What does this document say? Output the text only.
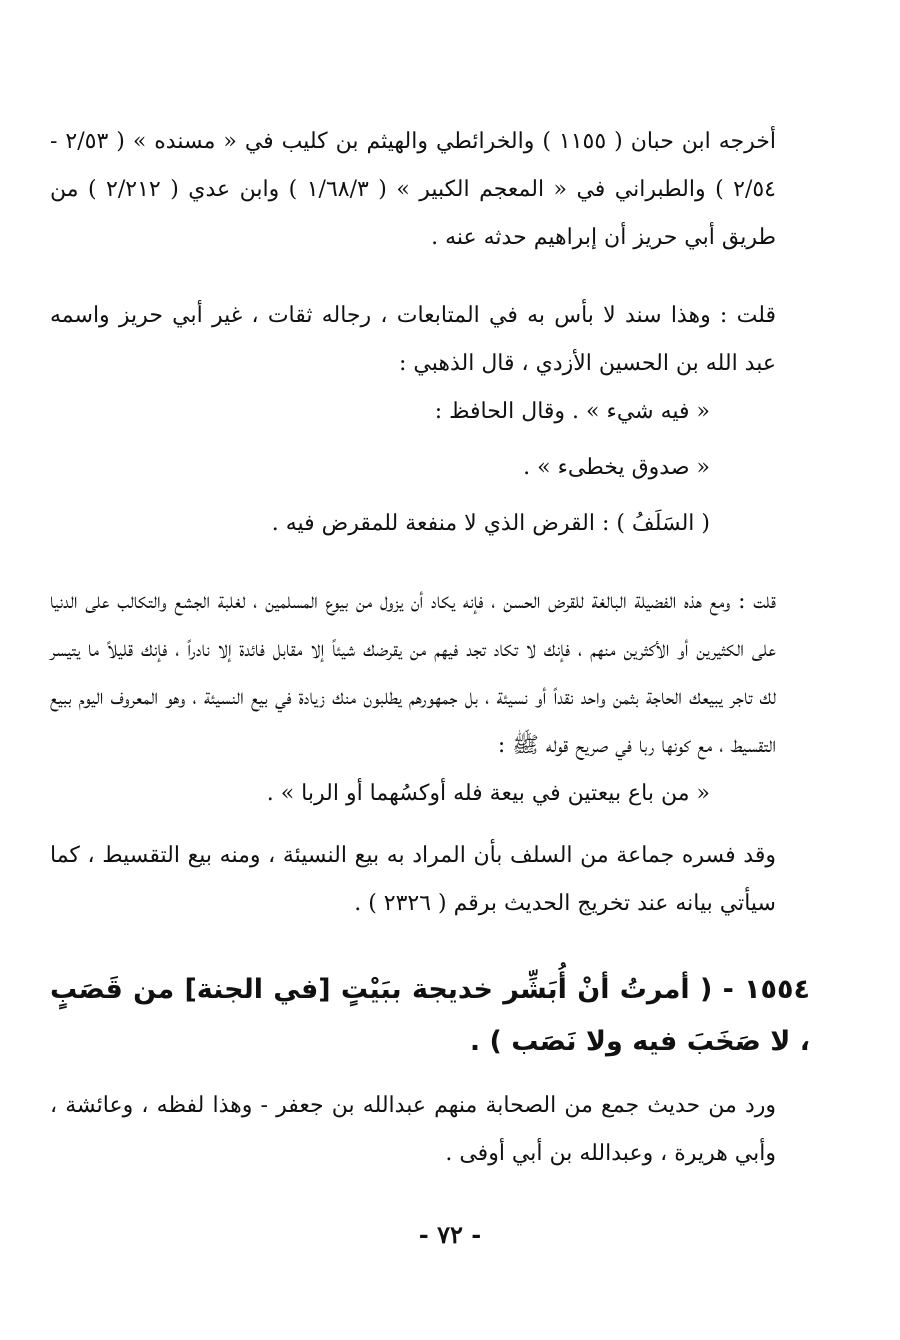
أخرجه ابن حبان ( ١١٥٥ ) والخرائطي والهيثم بن كليب في « مسنده » ( ٢/٥٣ - ٢/٥٤ ) والطبراني في « المعجم الكبير » ( ١/٦٨/٣ ) وابن عدي ( ٢/٢١٢ ) من طريق أبي حريز أن إبراهيم حدثه عنه .

قلت : وهذا سند لا بأس به في المتابعات ، رجاله ثقات ، غير أبي حريز واسمه عبد الله بن الحسين الأزدي ، قال الذهبي :

« فيه شيء » . وقال الحافظ :

« صدوق يخطىء » .

( السَلَفُ ) : القرض الذي لا منفعة للمقرض فيه .

قلت : ومع هذه الفضيلة البالغة للقرض الحسن ، فإنه يكاد أن يزول من بيوع المسلمين ، لغلبة الجشع والتكالب على الدنيا على الكثيرين أو الأكثرين منهم ، فإنك لا تكاد تجد فيهم من يقرضك شيئاً إلا مقابل فائدة إلا نادراً ، فإنك قليلاً ما يتيسر لك تاجر يبيعك الحاجة بثمن واحد نقداً أو نسيئة ، بل جمهورهم يطلبون منك زيادة في بيع النسيئة ، وهو المعروف اليوم ببيع التقسيط ، مع كونها ربا في صريح قوله ﷺ :

« من باع بيعتين في بيعة فله أوكسُهما أو الربا » .

وقد فسره جماعة من السلف بأن المراد به بيع النسيئة ، ومنه بيع التقسيط ، كما سيأتي بيانه عند تخريج الحديث برقم ( ٢٣٢٦ ) .

١٥٥٤ - ( أمرتُ أنْ أُبَشِّر خديجة ببَيْتٍ [في الجنة] من قَصَبٍ ، لا صَخَبَ فيه ولا نَصَب ) .

ورد من حديث جمع من الصحابة منهم عبدالله بن جعفر - وهذا لفظه ، وعائشة ، وأبي هريرة ، وعبدالله بن أبي أوفى .

- ٧٢ -
